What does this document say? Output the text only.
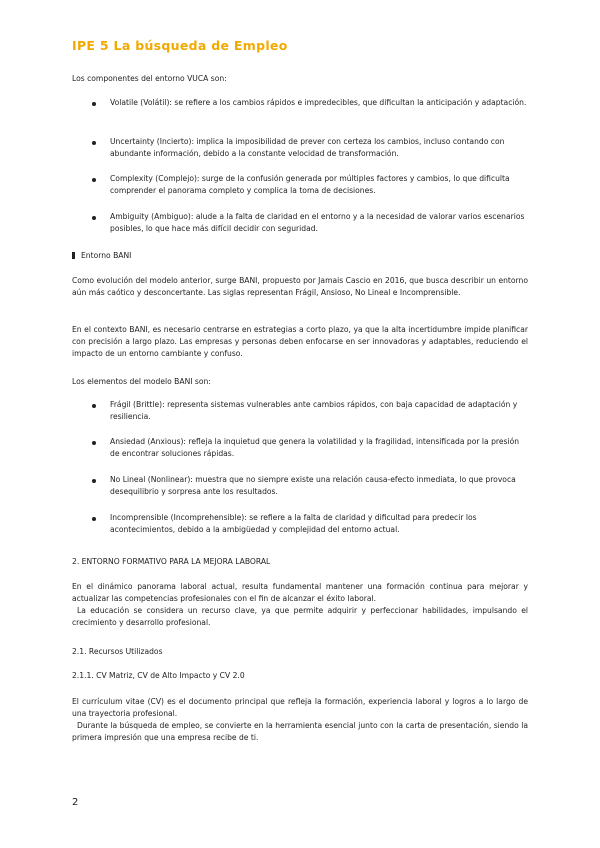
IPE 5 La búsqueda de Empleo
Los componentes del entorno VUCA son:
Volatile (Volátil): se refiere a los cambios rápidos e impredecibles, que dificultan la anticipación y adaptación.
Uncertainty (Incierto): implica la imposibilidad de prever con certeza los cambios, incluso contando con abundante información, debido a la constante velocidad de transformación.
Complexity (Complejo): surge de la confusión generada por múltiples factores y cambios, lo que dificulta comprender el panorama completo y complica la toma de decisiones.
Ambiguity (Ambiguo): alude a la falta de claridad en el entorno y a la necesidad de valorar varios escenarios posibles, lo que hace más difícil decidir con seguridad.
Entorno BANI
Como evolución del modelo anterior, surge BANI, propuesto por Jamais Cascio en 2016, que busca describir un entorno aún más caótico y desconcertante. Las siglas representan Frágil, Ansioso, No Lineal e Incomprensible.
En el contexto BANI, es necesario centrarse en estrategias a corto plazo, ya que la alta incertidumbre impide planificar con precisión a largo plazo. Las empresas y personas deben enfocarse en ser innovadoras y adaptables, reduciendo el impacto de un entorno cambiante y confuso.
Los elementos del modelo BANI son:
Frágil (Brittle): representa sistemas vulnerables ante cambios rápidos, con baja capacidad de adaptación y resiliencia.
Ansiedad (Anxious): refleja la inquietud que genera la volatilidad y la fragilidad, intensificada por la presión de encontrar soluciones rápidas.
No Lineal (Nonlinear): muestra que no siempre existe una relación causa-efecto inmediata, lo que provoca desequilibrio y sorpresa ante los resultados.
Incomprensible (Incomprehensible): se refiere a la falta de claridad y dificultad para predecir los acontecimientos, debido a la ambigüedad y complejidad del entorno actual.
2. ENTORNO FORMATIVO PARA LA MEJORA LABORAL
En el dinámico panorama laboral actual, resulta fundamental mantener una formación continua para mejorar y actualizar las competencias profesionales con el fin de alcanzar el éxito laboral.
La educación se considera un recurso clave, ya que permite adquirir y perfeccionar habilidades, impulsando el crecimiento y desarrollo profesional.
2.1. Recursos Utilizados
2.1.1. CV Matriz, CV de Alto Impacto y CV 2.0
El currículum vitae (CV) es el documento principal que refleja la formación, experiencia laboral y logros a lo largo de una trayectoria profesional.
Durante la búsqueda de empleo, se convierte en la herramienta esencial junto con la carta de presentación, siendo la primera impresión que una empresa recibe de ti.
2
